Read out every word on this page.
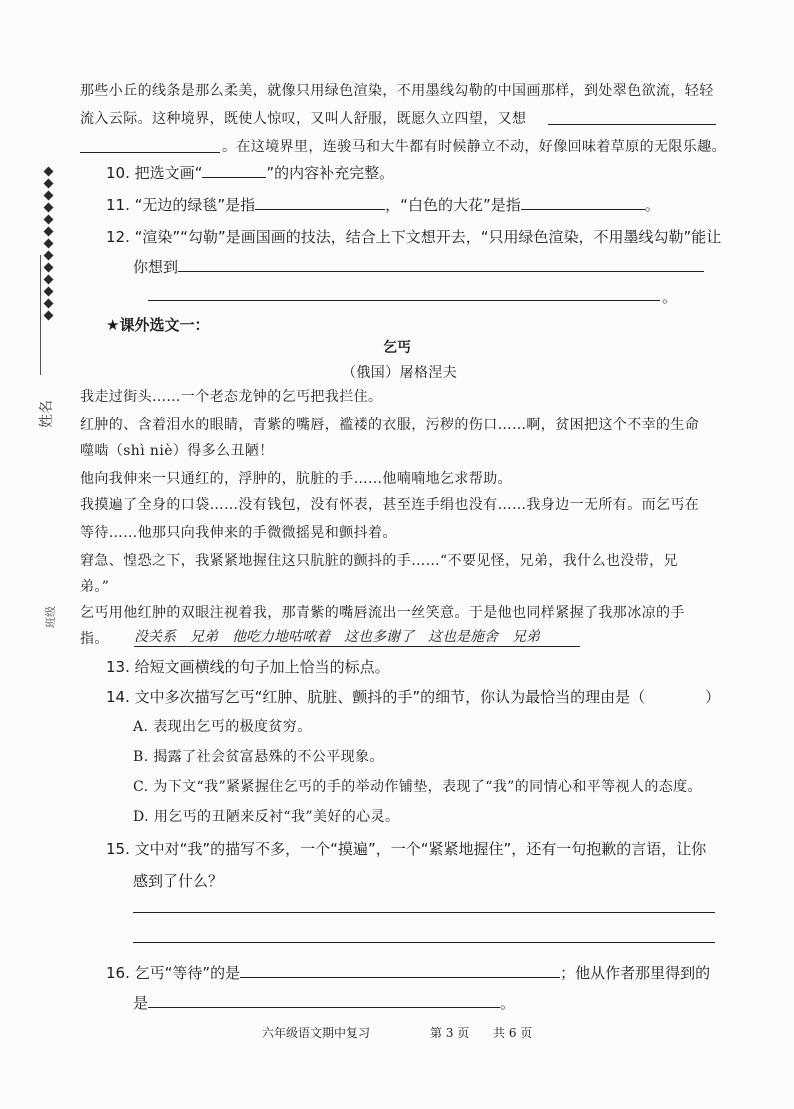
姓名
班级
那些小丘的线条是那么柔美，就像只用绿色渲染，不用墨线勾勒的中国画那样，到处翠色欲流，轻轻
流入云际。这种境界，既使人惊叹，又叫人舒服，既愿久立四望，又想
。在这境界里，连骏马和大牛都有时候静立不动，好像回味着草原的无限乐趣。
10. 把选文画“	”的内容补充完整。
11. “无边的绿毯”是指	，“白色的大花”是指	。
12. “渲染”“勾勒”是画国画的技法，结合上下文想开去，“只用绿色渲染，不用墨线勾勒”能让
你想到
。
★课外选文一：
乞丐
（俄国）屠格涅夫
我走过街头……一个老态龙钟的乞丐把我拦住。
红肿的、含着泪水的眼睛，青紫的嘴唇，褴褛的衣服，污秽的伤口……啊，贫困把这个不幸的生命
噬啮（shì niè）得多么丑陋！
他向我伸来一只通红的，浮肿的，肮脏的手……他喃喃地乞求帮助。
我摸遍了全身的口袋……没有钱包，没有怀表，甚至连手绢也没有……我身边一无所有。而乞丐在
等待……他那只向我伸来的手微微摇晃和颤抖着。
窘急、惶恐之下，我紧紧地握住这只肮脏的颤抖的手……“不要见怪，兄弟，我什么也没带，兄
弟。”
乞丐用他红肿的双眼注视着我，那青紫的嘴唇流出一丝笑意。于是他也同样紧握了我那冰凉的手
指。 没关系　兄弟　他吃力地咕哝着　这也多谢了　这也是施舍　兄弟
13. 给短文画横线的句子加上恰当的标点。
14. 文中多次描写乞丐“红肿、肮脏、颤抖的手”的细节，你认为最恰当的理由是（　　　　）
A. 表现出乞丐的极度贫穷。
B. 揭露了社会贫富悬殊的不公平现象。
C. 为下文“我”紧紧握住乞丐的手的举动作铺垫，表现了“我”的同情心和平等视人的态度。
D. 用乞丐的丑陋来反衬“我”美好的心灵。
15. 文中对“我”的描写不多，一个“摸遍”，一个“紧紧地握住”，还有一句抱歉的言语，让你
感到了什么？
16. 乞丐“等待”的是	；他从作者那里得到的
是	。
六年级语文期中复习	第 3 页 共 6 页
